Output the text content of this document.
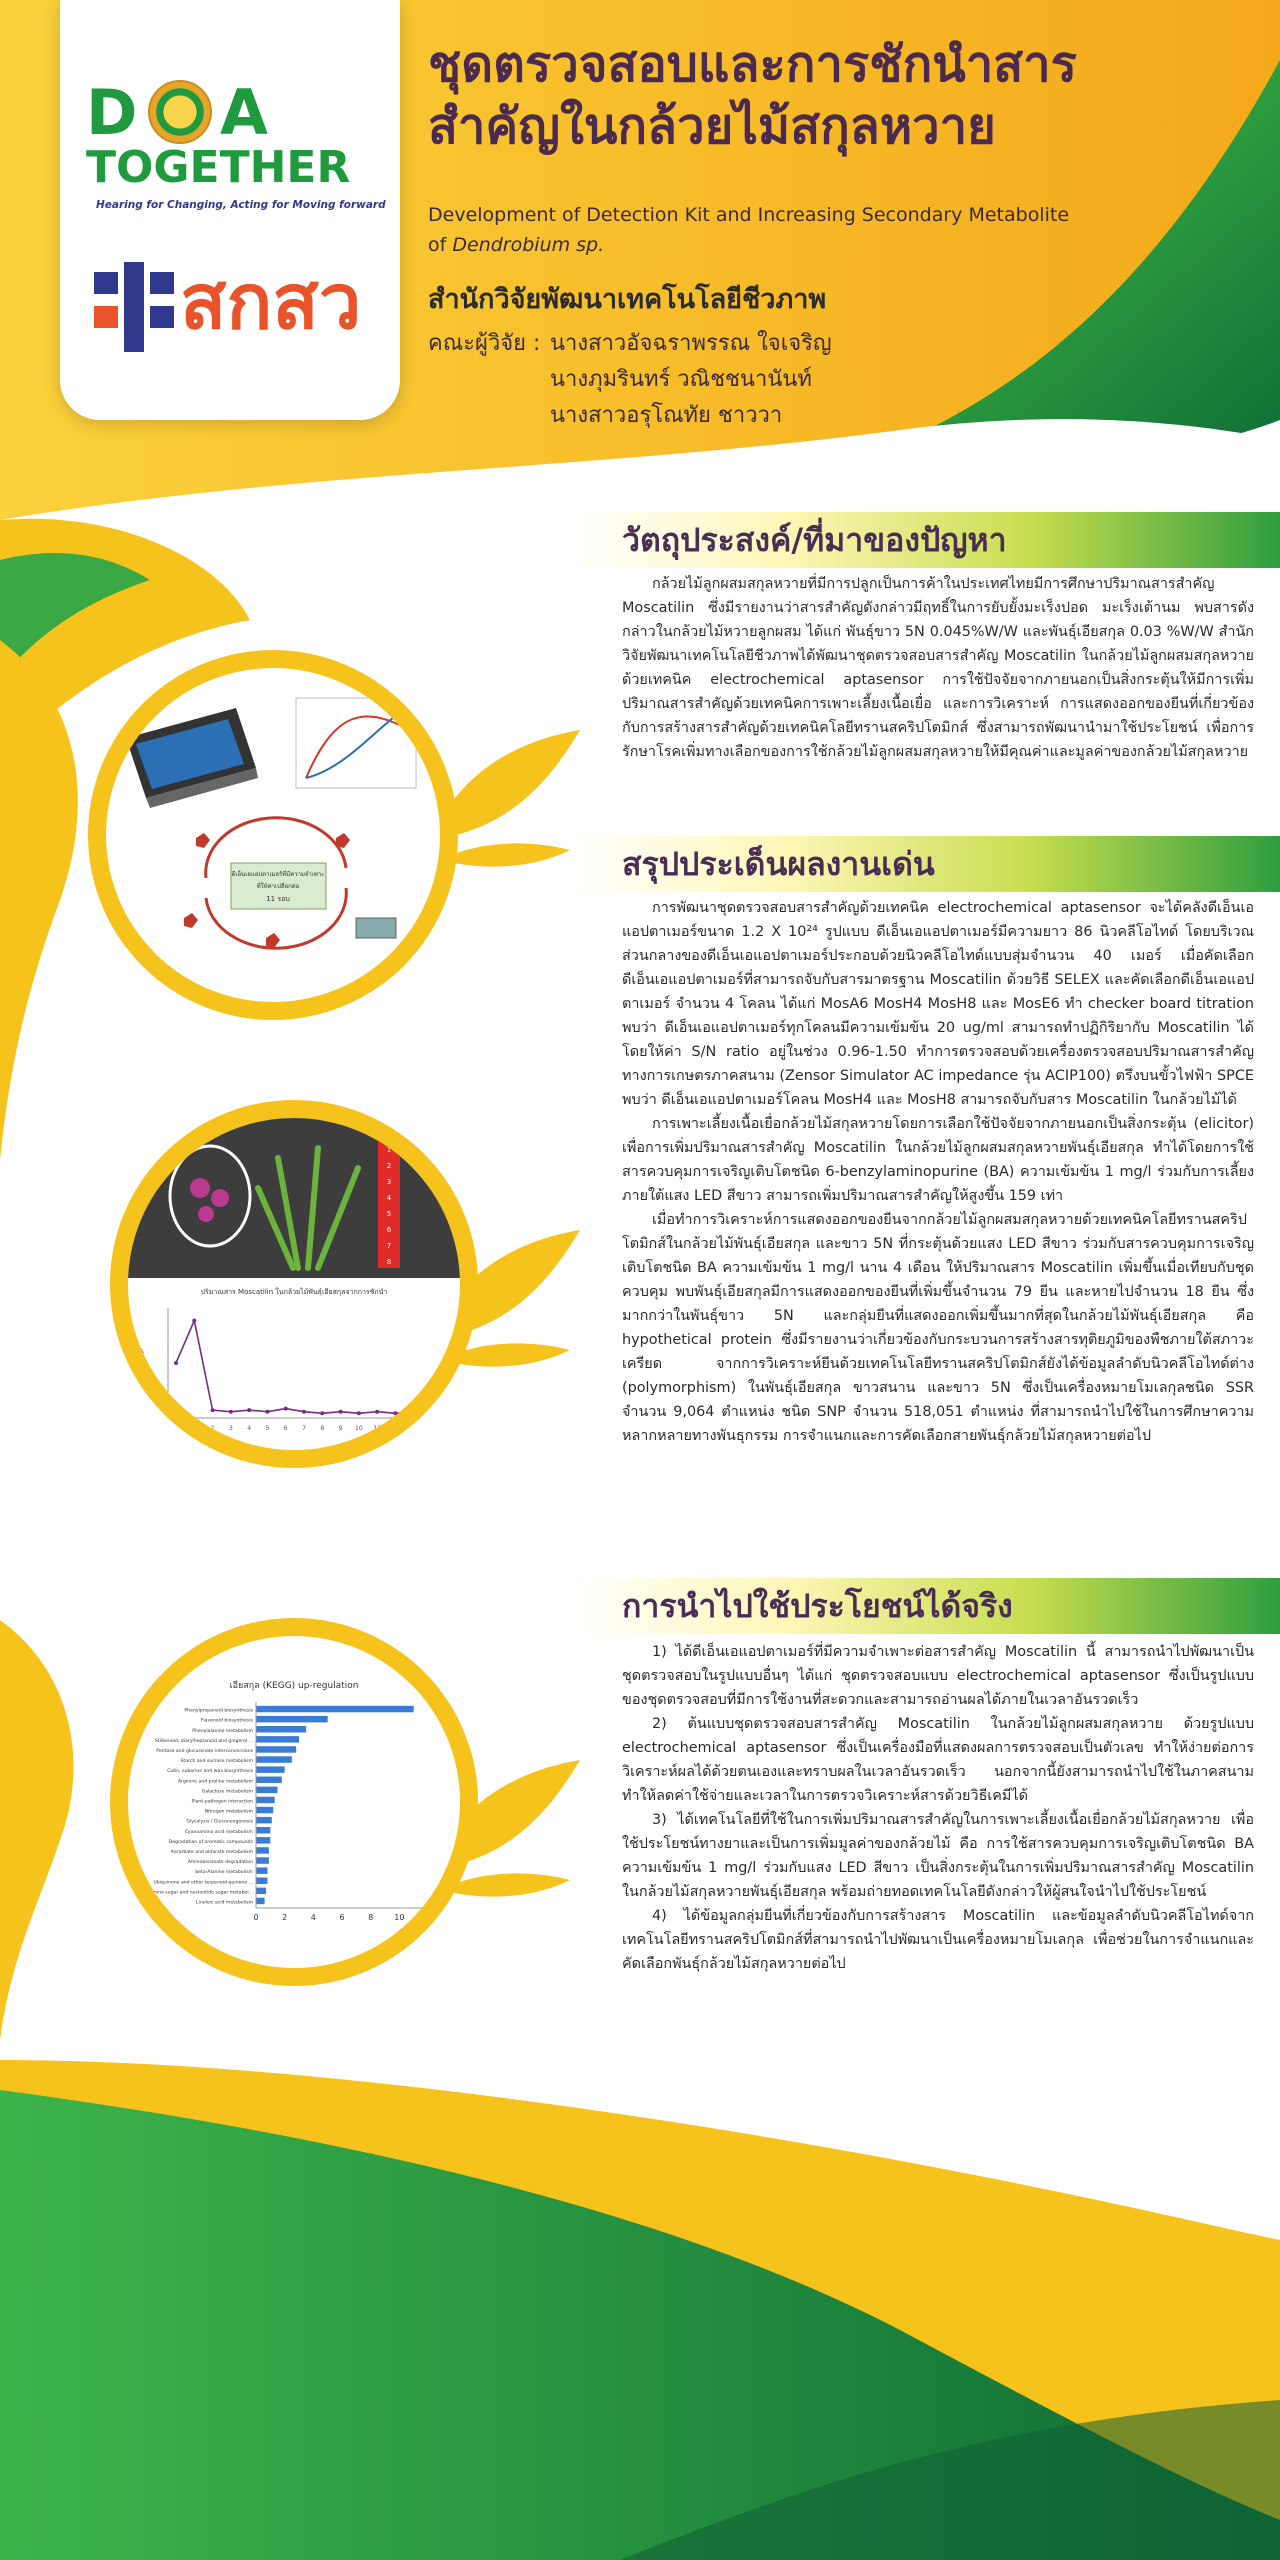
D A
TOGETHER
Hearing for Changing, Acting for Moving forward
สกสว
ชุดตรวจสอบและการชักนำสาร
สำคัญในกล้วยไม้สกุลหวาย
Development of Detection Kit and Increasing Secondary Metabolite
of Dendrobium sp.
สำนักวิจัยพัฒนาเทคโนโลยีชีวภาพ
คณะผู้วิจัย : นางสาวอัจฉราพรรณ ใจเจริญ
นางภุมรินทร์ วณิชชนานันท์
นางสาวอรุโณทัย ชาววา
วัตถุประสงค์/ที่มาของปัญหา

กล้วยไม้ลูกผสมสกุลหวายที่มีการปลูกเป็นการค้าในประเทศไทยมีการศึกษาปริมาณสารสำคัญ Moscatilin ซึ่งมีรายงานว่าสารสำคัญดังกล่าวมีฤทธิ์ในการยับยั้งมะเร็งปอด มะเร็งเต้านม พบสารดังกล่าวในกล้วยไม้หวายลูกผสม ได้แก่ พันธุ์ขาว 5N 0.045%W/W และพันธุ์เอียสกุล 0.03 %W/W สำนักวิจัยพัฒนาเทคโนโลยีชีวภาพได้พัฒนาชุดตรวจสอบสารสำคัญ Moscatilin ในกล้วยไม้ลูกผสมสกุลหวายด้วยเทคนิค electrochemical aptasensor การใช้ปัจจัยจากภายนอกเป็นสิ่งกระตุ้นให้มีการเพิ่มปริมาณสารสำคัญด้วยเทคนิคการเพาะเลี้ยงเนื้อเยื่อ และการวิเคราะห์ การแสดงออกของยีนที่เกี่ยวข้องกับการสร้างสารสำคัญด้วยเทคนิคโลยีทรานสคริปโตมิกส์ ซึ่งสามารถพัฒนานำมาใช้ประโยชน์ เพื่อการรักษาโรคเพิ่มทางเลือกของการใช้กล้วยไม้ลูกผสมสกุลหวายให้มีคุณค่าและมูลค่าของกล้วยไม้สกุลหวาย

สรุปประเด็นผลงานเด่น

การพัฒนาชุดตรวจสอบสารสำคัญด้วยเทคนิค electrochemical aptasensor จะได้คลังดีเอ็นเอแอปตาเมอร์ขนาด 1.2 X 10²⁴ รูปแบบ ดีเอ็นเอแอปตาเมอร์มีความยาว 86 นิวคลีโอไทด์ โดยบริเวณส่วนกลางของดีเอ็นเอแอปตาเมอร์ประกอบด้วยนิวคลีโอไทด์แบบสุ่มจำนวน 40 เมอร์ เมื่อคัดเลือกดีเอ็นเอแอปตาเมอร์ที่สามารถจับกับสารมาตรฐาน Moscatilin ด้วยวิธี SELEX และคัดเลือกดีเอ็นเอแอปตาเมอร์ จำนวน 4 โคลน ได้แก่ MosA6 MosH4 MosH8 และ MosE6 ทำ checker board titration พบว่า ดีเอ็นเอแอปตาเมอร์ทุกโคลนมีความเข้มข้น 20 ug/ml สามารถทำปฏิกิริยากับ Moscatilin ได้โดยให้ค่า S/N ratio อยู่ในช่วง 0.96-1.50 ทำการตรวจสอบด้วยเครื่องตรวจสอบปริมาณสารสำคัญทางการเกษตรภาคสนาม (Zensor Simulator AC impedance รุ่น ACIP100) ตรึงบนขั้วไฟฟ้า SPCE พบว่า ดีเอ็นเอแอปตาเมอร์โคลน MosH4 และ MosH8 สามารถจับกับสาร Moscatilin ในกล้วยไม้ได้

การเพาะเลี้ยงเนื้อเยื่อกล้วยไม้สกุลหวายโดยการเลือกใช้ปัจจัยจากภายนอกเป็นสิ่งกระตุ้น (elicitor) เพื่อการเพิ่มปริมาณสารสำคัญ Moscatilin ในกล้วยไม้ลูกผสมสกุลหวายพันธุ์เอียสกุล ทำได้โดยการใช้สารควบคุมการเจริญเติบโตชนิด 6-benzylaminopurine (BA) ความเข้มข้น 1 mg/l ร่วมกับการเลี้ยงภายใต้แสง LED สีขาว สามารถเพิ่มปริมาณสารสำคัญให้สูงขึ้น 159 เท่า

เมื่อทำการวิเคราะห์การแสดงออกของยีนจากกล้วยไม้ลูกผสมสกุลหวายด้วยเทคนิคโลยีทรานสคริปโตมิกส์ในกล้วยไม้พันธุ์เอียสกุล และขาว 5N ที่กระตุ้นด้วยแสง LED สีขาว ร่วมกับสารควบคุมการเจริญเติบโตชนิด BA ความเข้มข้น 1 mg/l นาน 4 เดือน ให้ปริมาณสาร Moscatilin เพิ่มขึ้นเมื่อเทียบกับชุดควบคุม พบพันธุ์เอียสกุลมีการแสดงออกของยีนที่เพิ่มขึ้นจำนวน 79 ยีน และหายไปจำนวน 18 ยีน ซึ่งมากกว่าในพันธุ์ขาว 5N และกลุ่มยีนที่แสดงออกเพิ่มขึ้นมากที่สุดในกล้วยไม้พันธุ์เอียสกุล คือ hypothetical protein ซึ่งมีรายงานว่าเกี่ยวข้องกับกระบวนการสร้างสารทุติยภูมิของพืชภายใต้สภาวะเครียด จากการวิเคราะห์ยีนด้วยเทคโนโลยีทรานสคริปโตมิกส์ยังได้ข้อมูลลำดับนิวคลีโอไทด์ต่าง (polymorphism) ในพันธุ์เอียสกุล ขาวสนาน และขาว 5N ซึ่งเป็นเครื่องหมายโมเลกุลชนิด SSR จำนวน 9,064 ตำแหน่ง ชนิด SNP จำนวน 518,051 ตำแหน่ง ที่สามารถนำไปใช้ในการศึกษาความหลากหลายทางพันธุกรรม การจำแนกและการคัดเลือกสายพันธุ์กล้วยไม้สกุลหวายต่อไป

การนำไปใช้ประโยชน์ได้จริง

1) ได้ดีเอ็นเอแอปตาเมอร์ที่มีความจำเพาะต่อสารสำคัญ Moscatilin นี้ สามารถนำไปพัฒนาเป็นชุดตรวจสอบในรูปแบบอื่นๆ ได้แก่ ชุดตรวจสอบแบบ electrochemical aptasensor ซึ่งเป็นรูปแบบของชุดตรวจสอบที่มีการใช้งานที่สะดวกและสามารถอ่านผลได้ภายในเวลาอันรวดเร็ว

2) ต้นแบบชุดตรวจสอบสารสำคัญ Moscatilin ในกล้วยไม้ลูกผสมสกุลหวาย ด้วยรูปแบบ electrochemical aptasensor ซึ่งเป็นเครื่องมือที่แสดงผลการตรวจสอบเป็นตัวเลข ทำให้ง่ายต่อการวิเคราะห์ผลได้ด้วยตนเองและทราบผลในเวลาอันรวดเร็ว นอกจากนี้ยังสามารถนำไปใช้ในภาคสนาม ทำให้ลดค่าใช้จ่ายและเวลาในการตรวจวิเคราะห์สารด้วยวิธีเคมีได้

3) ได้เทคโนโลยีที่ใช้ในการเพิ่มปริมาณสารสำคัญในการเพาะเลี้ยงเนื้อเยื่อกล้วยไม้สกุลหวาย เพื่อใช้ประโยชน์ทางยาและเป็นการเพิ่มมูลค่าของกล้วยไม้ คือ การใช้สารควบคุมการเจริญเติบโตชนิด BA ความเข้มข้น 1 mg/l ร่วมกับแสง LED สีขาว เป็นสิ่งกระตุ้นในการเพิ่มปริมาณสารสำคัญ Moscatilin ในกล้วยไม้สกุลหวายพันธุ์เอียสกุล พร้อมถ่ายทอดเทคโนโลยีดังกล่าวให้ผู้สนใจนำไปใช้ประโยชน์

4) ได้ข้อมูลกลุ่มยีนที่เกี่ยวข้องกับการสร้างสาร Moscatilin และข้อมูลลำดับนิวคลีโอไทด์จากเทคโนโลยีทรานสคริปโตมิกส์ที่สามารถนำไปพัฒนาเป็นเครื่องหมายโมเลกุล เพื่อช่วยในการจำแนกและคัดเลือกพันธุ์กล้วยไม้สกุลหวายต่อไป

ดีเอ็นเอแอปตาเมอร์ที่มีความจำเพาะ
ที่ให้ค่าเปลือกต่อ
11 รอบ
1
2
3
4
5
6
7
8
ปริมาณสาร Moscatilin ในกล้วยไม้พันธุ์เอียสกุลจากการชักนำ
ปริมาณ (µg/g)
C 1 2 3 4 5 6 7 8 9 10 11 12 13 14
เอียสกุล (KEGG) up-regulation
Phenylpropanoid biosynthesis
Flavonoid biosynthesis
Phenylalanine metabolism
Stilbenoid, diarylheptanoid and gingerol ...
Pentose and glucuronate interconversions
Starch and sucrose metabolism
Cutin, suberine and wax biosynthesis
Arginine and proline metabolism
Galactose metabolism
Plant-pathogen interaction
Nitrogen metabolism
Glycolysis / Gluconeogenesis
Cyanoamino acid metabolism
Degradation of aromatic compounds
Ascorbate and aldarate metabolism
Aminobenzoate degradation
beta-Alanine metabolism
Ubiquinone and other terpenoid-quinone ...
Amino sugar and nucleotide sugar metabol...
Linoleic acid metabolism
0	2	4	6	8	10 12
